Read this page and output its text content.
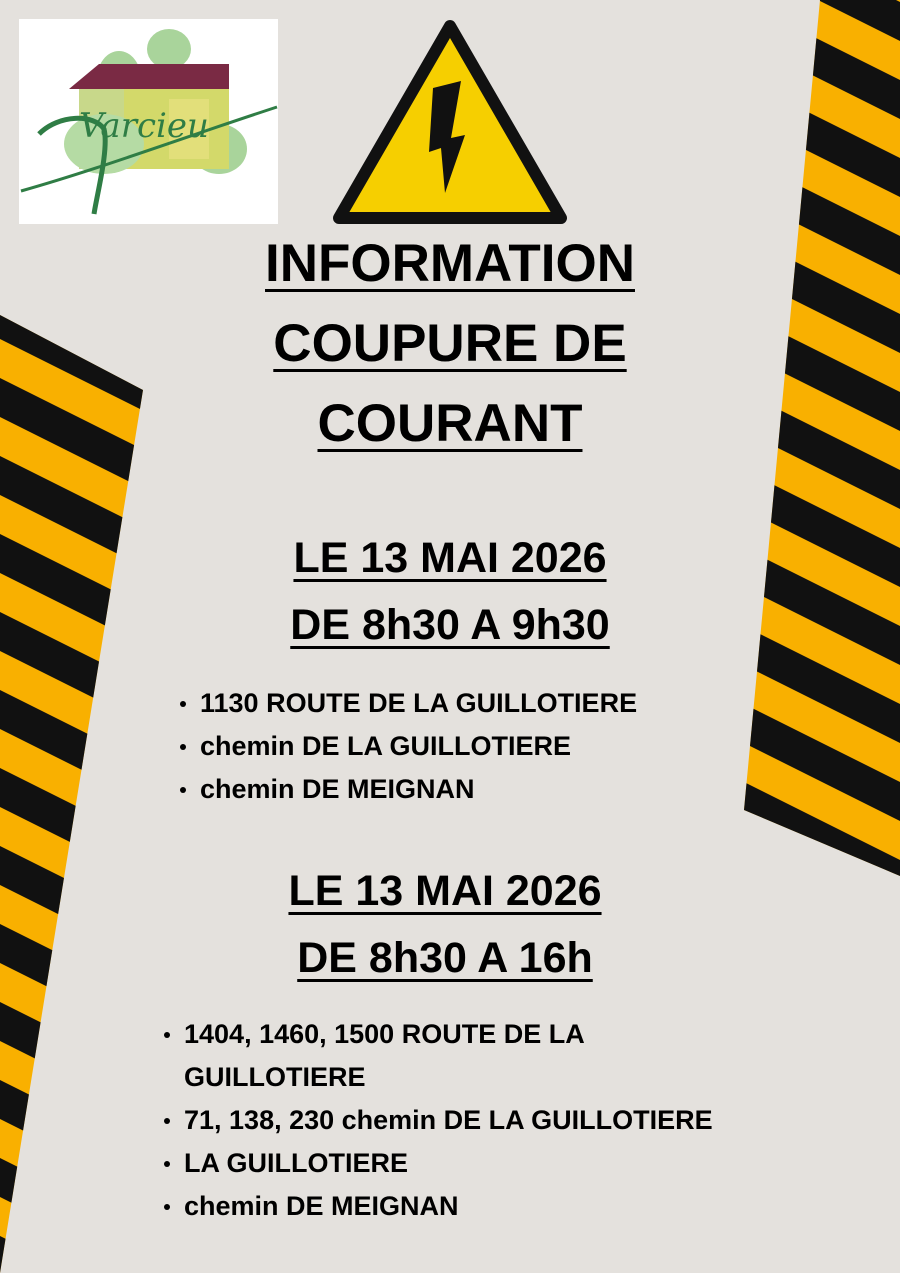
Varcieu
INFORMATION
COUPURE DE
COURANT
LE 13 MAI 2026
DE 8h30 A 9h30
1130 ROUTE DE LA GUILLOTIERE
chemin DE LA GUILLOTIERE
chemin DE MEIGNAN
LE 13 MAI 2026
DE 8h30 A 16h
1404, 1460, 1500 ROUTE DE LA
GUILLOTIERE
71, 138, 230 chemin DE LA GUILLOTIERE
LA GUILLOTIERE
chemin DE MEIGNAN
